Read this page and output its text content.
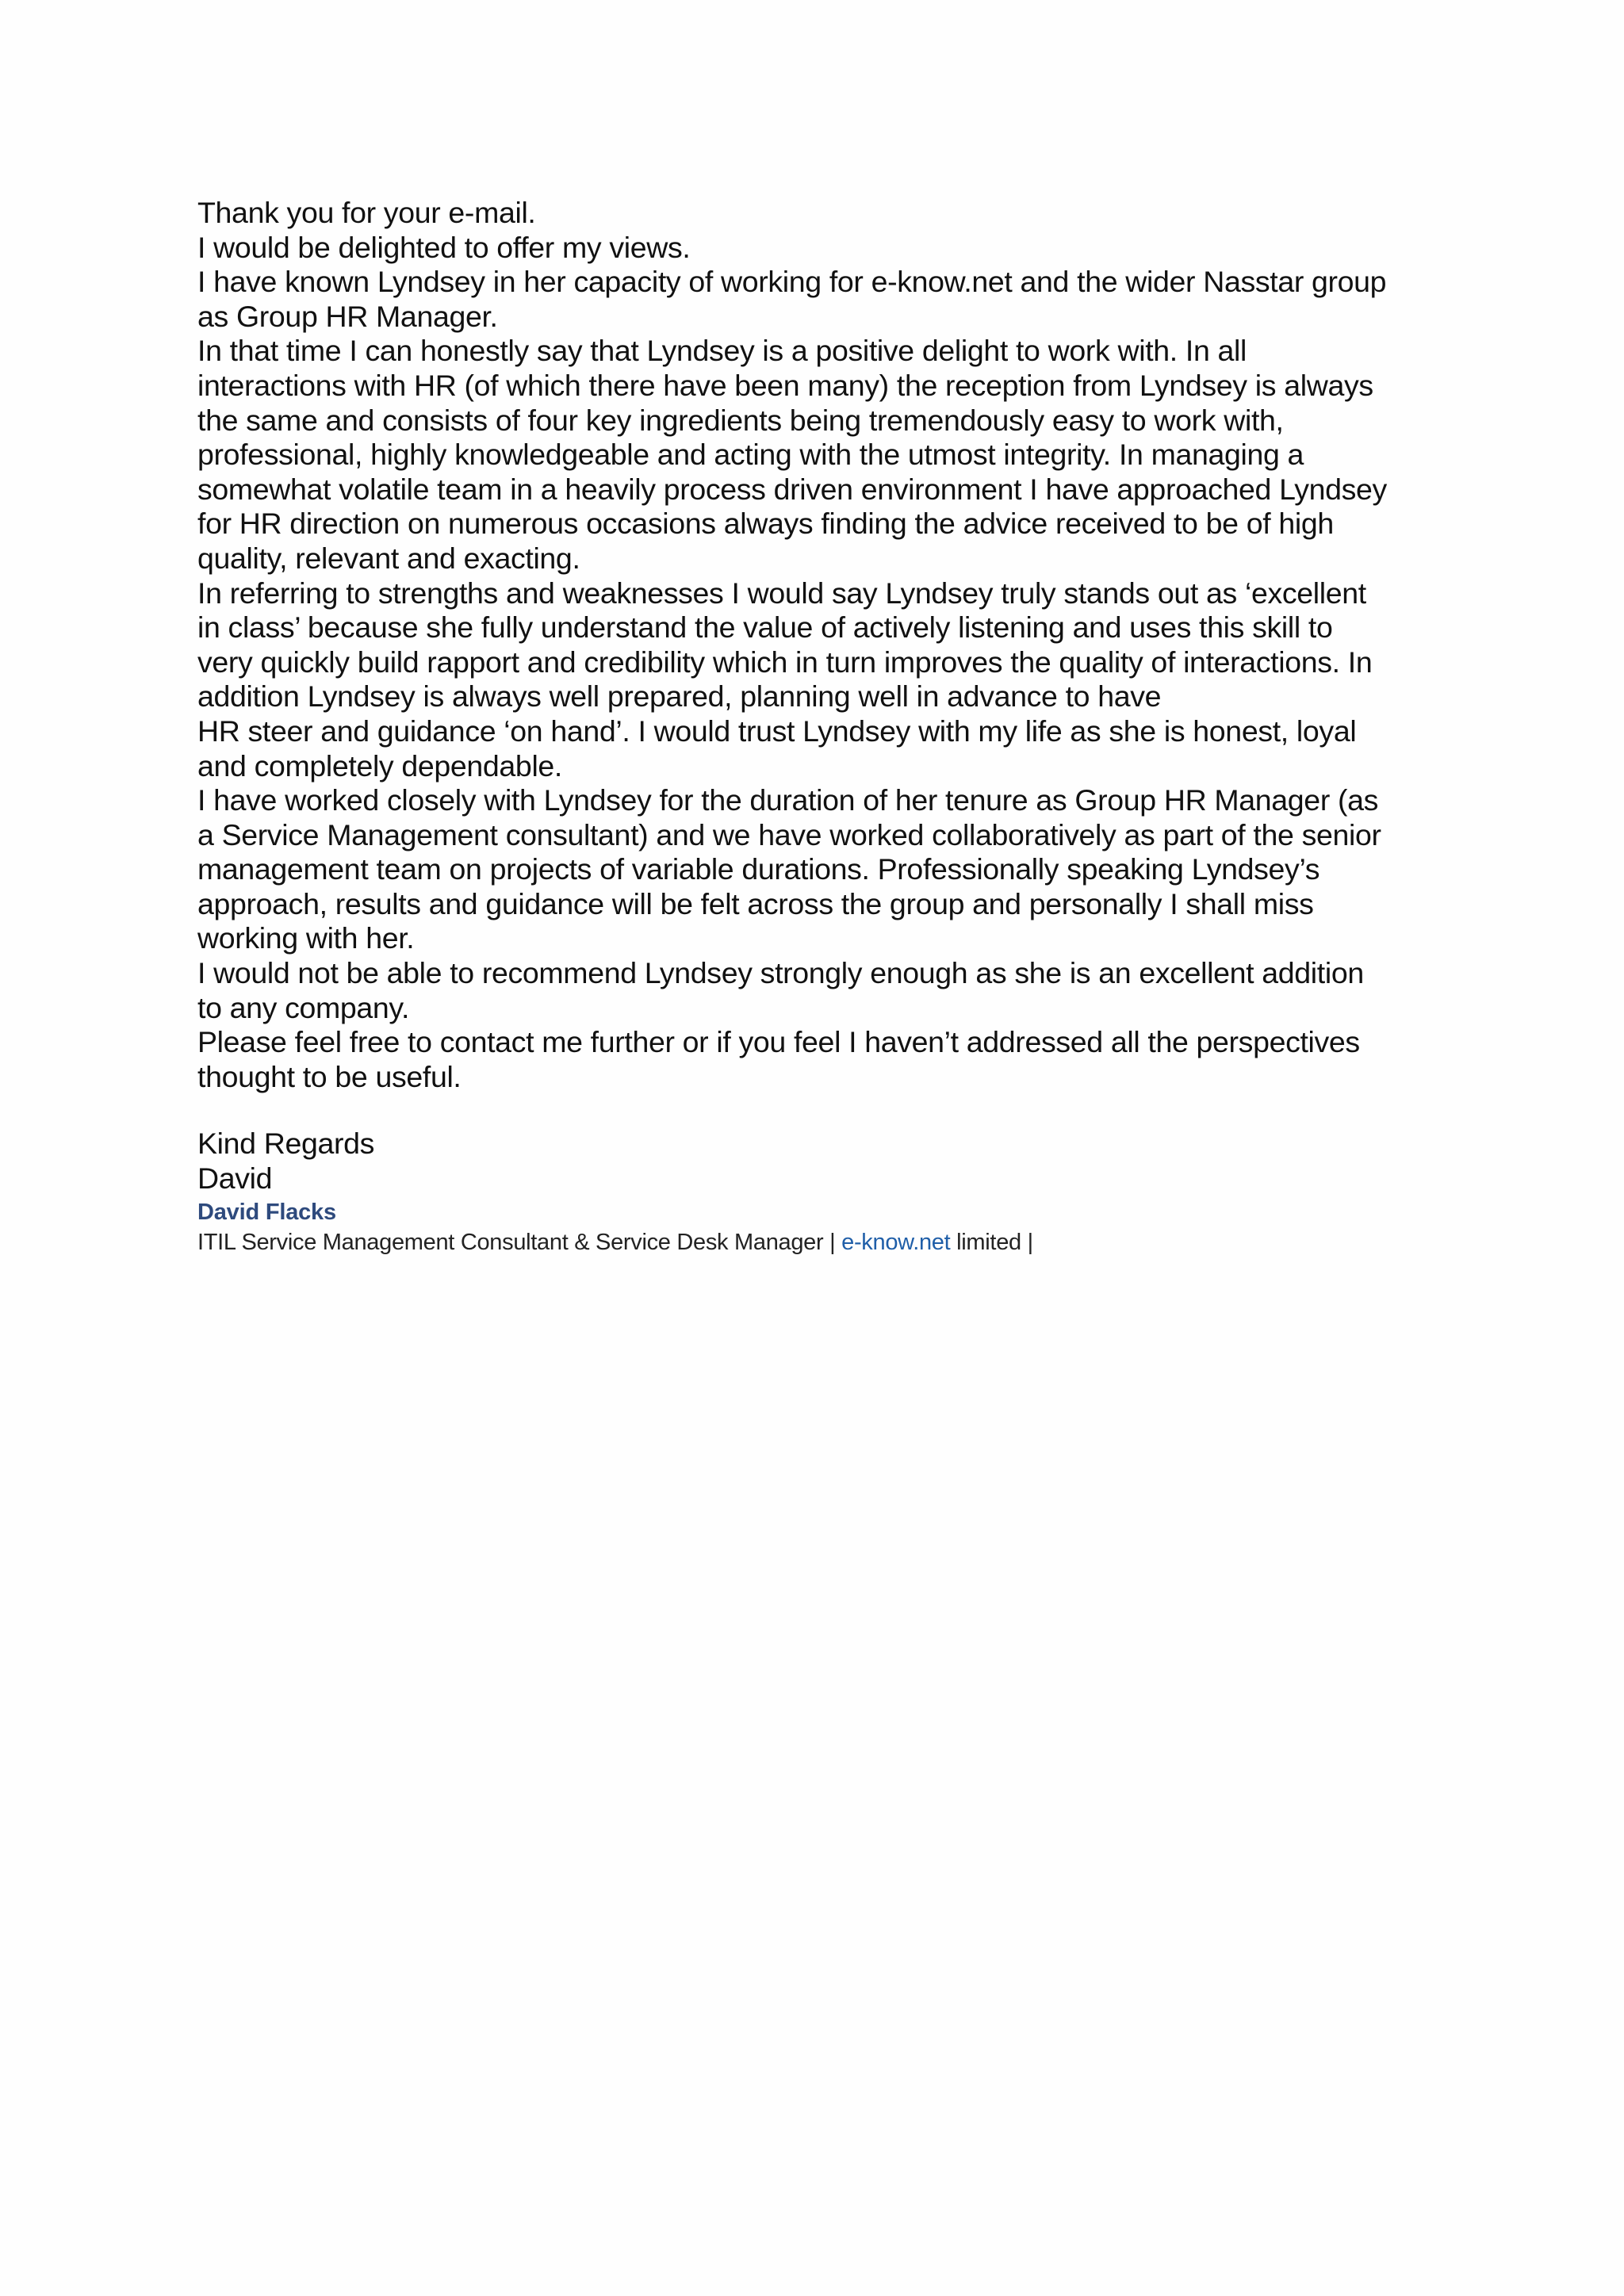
Thank you for your e-mail.

I would be delighted to offer my views.

I have known Lyndsey in her capacity of working for e-know.net and the wider Nasstar group

as Group HR Manager.

In that time I can honestly say that Lyndsey is a positive delight to work with. In all

interactions with HR (of which there have been many) the reception from Lyndsey is always

the same and consists of four key ingredients being tremendously easy to work with,

professional, highly knowledgeable and acting with the utmost integrity. In managing a

somewhat volatile team in a heavily process driven environment I have approached Lyndsey

for HR direction on numerous occasions always finding the advice received to be of high

quality, relevant and exacting.

In referring to strengths and weaknesses I would say Lyndsey truly stands out as ‘excellent

in class’ because she fully understand the value of actively listening and uses this skill to

very quickly build rapport and credibility which in turn improves the quality of interactions. In

addition Lyndsey is always well prepared, planning well in advance to have

HR steer and guidance ‘on hand’. I would trust Lyndsey with my life as she is honest, loyal

and completely dependable.

I have worked closely with Lyndsey for the duration of her tenure as Group HR Manager (as

a Service Management consultant) and we have worked collaboratively as part of the senior

management team on projects of variable durations. Professionally speaking Lyndsey’s

approach, results and guidance will be felt across the group and personally I shall miss

working with her.

I would not be able to recommend Lyndsey strongly enough as she is an excellent addition

to any company.

Please feel free to contact me further or if you feel I haven’t addressed all the perspectives

thought to be useful.

Kind Regards

David

David Flacks
ITIL Service Management Consultant & Service Desk Manager | e-know.net limited |
